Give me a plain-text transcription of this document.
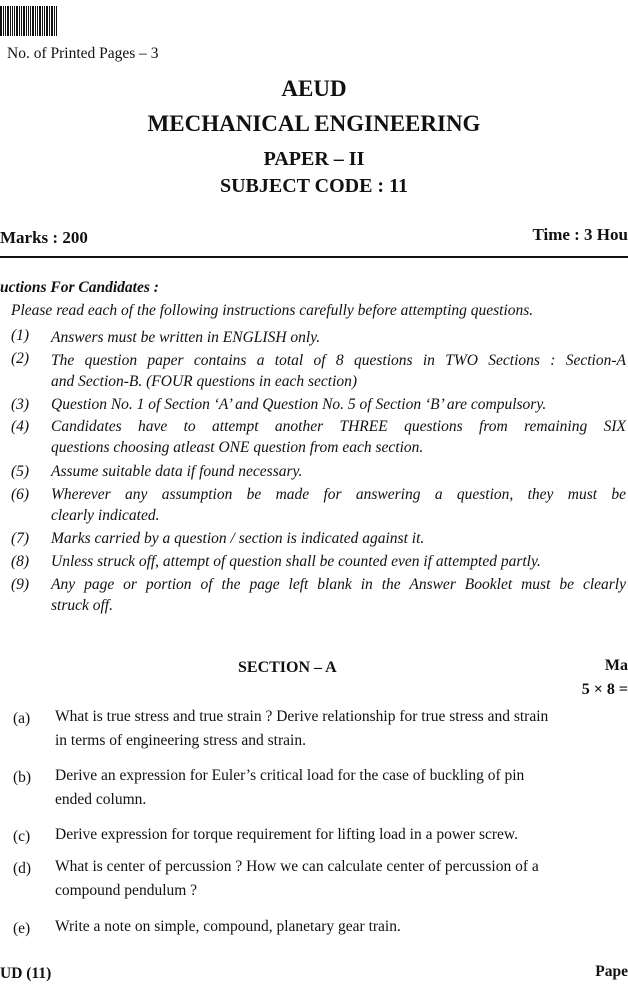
No. of Printed Pages – 3
AEUD
MECHANICAL ENGINEERING
PAPER – II
SUBJECT CODE : 11
Marks : 200	Time : 3 Hou
uctions For Candidates :
Please read each of the following instructions carefully before attempting questions.
(1) Answers must be written in ENGLISH only.
(2) The question paper contains a total of 8 questions in TWO Sections : Section-A
and Section-B. (FOUR questions in each section)
(3) Question No. 1 of Section ‘A’ and Question No. 5 of Section ‘B’ are compulsory.
(4) Candidates have to attempt another THREE questions from remaining SIX
questions choosing atleast ONE question from each section.
(5) Assume suitable data if found necessary.
(6) Wherever any assumption be made for answering a question, they must be
clearly indicated.
(7) Marks carried by a question / section is indicated against it.
(8) Unless struck off, attempt of question shall be counted even if attempted partly.
(9) Any page or portion of the page left blank in the Answer Booklet must be clearly
struck off.
SECTION – A	Ma
5 × 8 =
(a) What is true stress and true strain ? Derive relationship for true stress and strain
in terms of engineering stress and strain.
(b) Derive an expression for Euler’s critical load for the case of buckling of pin
ended column.
(c) Derive expression for torque requirement for lifting load in a power screw.
(d) What is center of percussion ? How we can calculate center of percussion of a
compound pendulum ?
(e) Write a note on simple, compound, planetary gear train.
UD (11)	Pape
